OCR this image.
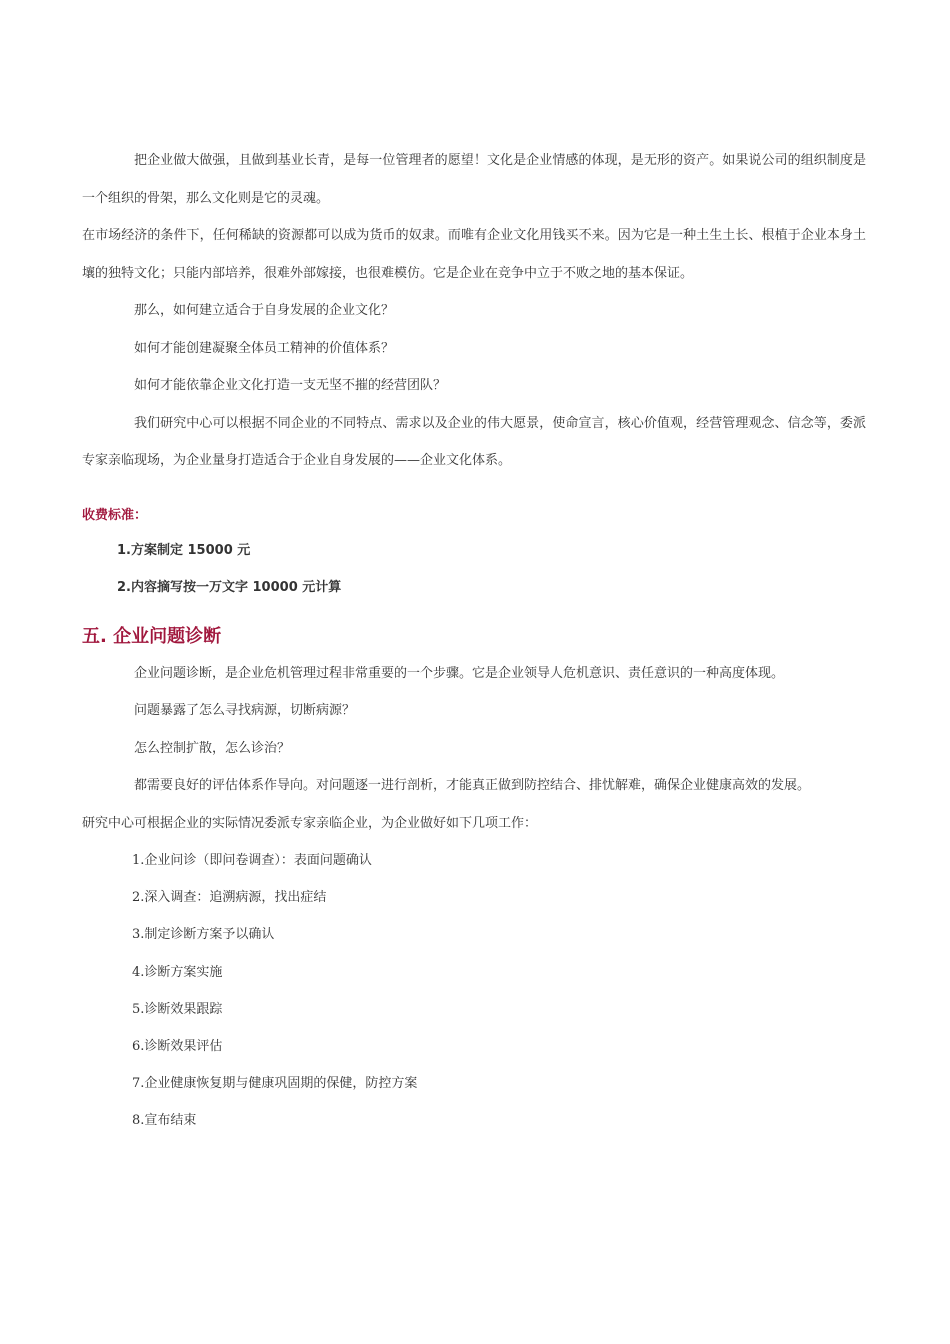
把企业做大做强，且做到基业长青，是每一位管理者的愿望！文化是企业情感的体现，是无形的资产。如果说公司的组织制度是一个组织的骨架，那么文化则是它的灵魂。

在市场经济的条件下，任何稀缺的资源都可以成为货币的奴隶。而唯有企业文化用钱买不来。因为它是一种土生土长、根植于企业本身土壤的独特文化；只能内部培养，很难外部嫁接，也很难模仿。它是企业在竞争中立于不败之地的基本保证。

那么，如何建立适合于自身发展的企业文化？

如何才能创建凝聚全体员工精神的价值体系？

如何才能依靠企业文化打造一支无坚不摧的经营团队？

我们研究中心可以根据不同企业的不同特点、需求以及企业的伟大愿景，使命宣言，核心价值观，经营管理观念、信念等，委派专家亲临现场，为企业量身打造适合于企业自身发展的——企业文化体系。

收费标准：

1.方案制定 15000 元

2.内容摘写按一万文字 10000 元计算

五. 企业问题诊断

企业问题诊断，是企业危机管理过程非常重要的一个步骤。它是企业领导人危机意识、责任意识的一种高度体现。

问题暴露了怎么寻找病源，切断病源？

怎么控制扩散，怎么诊治？

都需要良好的评估体系作导向。对问题逐一进行剖析，才能真正做到防控结合、排忧解难，确保企业健康高效的发展。

研究中心可根据企业的实际情况委派专家亲临企业，为企业做好如下几项工作：

1.企业问诊（即问卷调查）：表面问题确认

2.深入调查：追溯病源，找出症结

3.制定诊断方案予以确认

4.诊断方案实施

5.诊断效果跟踪

6.诊断效果评估

7.企业健康恢复期与健康巩固期的保健，防控方案

8.宣布结束
